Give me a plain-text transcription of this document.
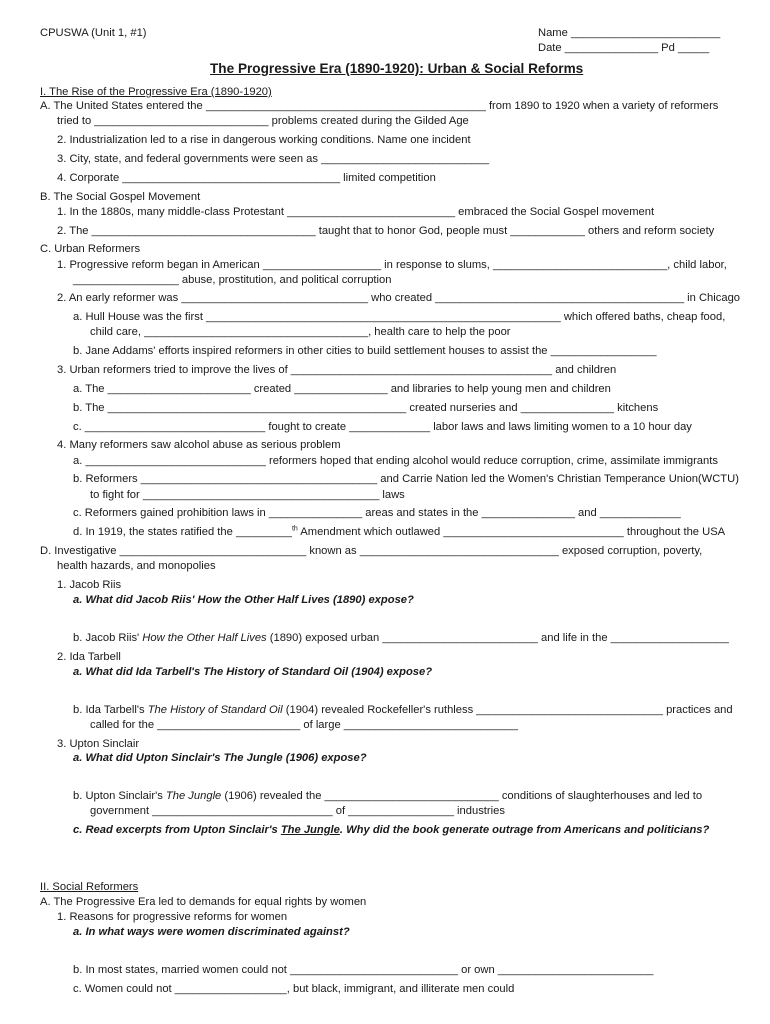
CPUSWA (Unit 1, #1)	Name ________________________
Date _______________ Pd _____
The Progressive Era (1890-1920): Urban & Social Reforms
I. The Rise of the Progressive Era (1890-1920)
A. The United States entered the _____________________________________________ from 1890 to 1920 when a variety of reformers
tried to ____________________________ problems created during the Gilded Age
2. Industrialization led to a rise in dangerous working conditions. Name one incident
3. City, state, and federal governments were seen as ___________________________
4. Corporate ___________________________________ limited competition
B. The Social Gospel Movement
1. In the 1880s, many middle-class Protestant ___________________________ embraced the Social Gospel movement
2. The ____________________________________ taught that to honor God, people must ____________ others and reform society
C. Urban Reformers
1. Progressive reform began in American ___________________ in response to slums, ____________________________, child labor,
_________________ abuse, prostitution, and political corruption
2. An early reformer was ______________________________ who created ________________________________________ in Chicago
a. Hull House was the first _________________________________________________________ which offered baths, cheap food,
child care, ____________________________________, health care to help the poor
b. Jane Addams' efforts inspired reformers in other cities to build settlement houses to assist the _________________
3. Urban reformers tried to improve the lives of __________________________________________ and children
a. The _______________________ created _______________ and libraries to help young men and children
b. The ________________________________________________ created nurseries and _______________ kitchens
c. _____________________________ fought to create _____________ labor laws and laws limiting women to a 10 hour day
4. Many reformers saw alcohol abuse as serious problem
a. _____________________________ reformers hoped that ending alcohol would reduce corruption, crime, assimilate immigrants
b. Reformers ______________________________________ and Carrie Nation led the Women's Christian Temperance Union(WCTU)
to fight for ______________________________________ laws
c. Reformers gained prohibition laws in _______________ areas and states in the _______________ and _____________
d. In 1919, the states ratified the _________$^{th}$ Amendment which outlawed _____________________________ throughout the USA
D. Investigative ______________________________ known as ________________________________ exposed corruption, poverty,
health hazards, and monopolies
1. Jacob Riis
a. What did Jacob Riis' How the Other Half Lives (1890) expose?
b. Jacob Riis' How the Other Half Lives (1890) exposed urban _________________________ and life in the ___________________
2. Ida Tarbell
a. What did Ida Tarbell's The History of Standard Oil (1904) expose?
b. Ida Tarbell's The History of Standard Oil (1904) revealed Rockefeller's ruthless ______________________________ practices and
called for the _______________________ of large ____________________________
3. Upton Sinclair
a. What did Upton Sinclair's The Jungle (1906) expose?
b. Upton Sinclair's The Jungle (1906) revealed the ____________________________ conditions of slaughterhouses and led to
government _____________________________ of _________________ industries
c. Read excerpts from Upton Sinclair's The Jungle. Why did the book generate outrage from Americans and politicians?
II. Social Reformers
A. The Progressive Era led to demands for equal rights by women
1. Reasons for progressive reforms for women
a. In what ways were women discriminated against?
b. In most states, married women could not ___________________________ or own _________________________
c. Women could not __________________, but black, immigrant, and illiterate men could
